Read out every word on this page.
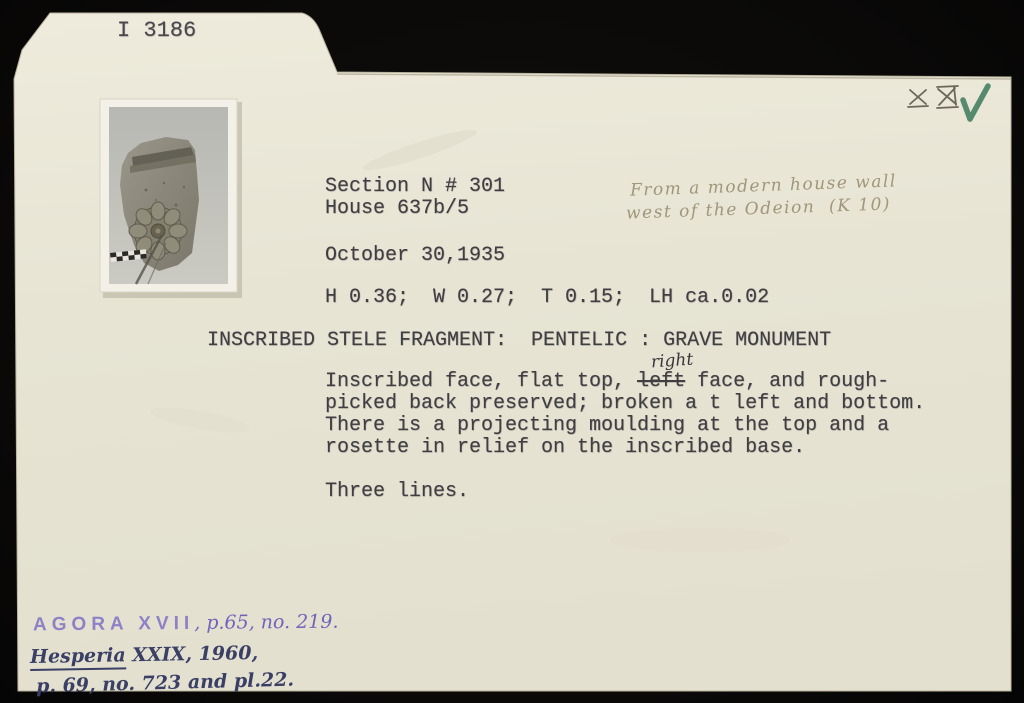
I 3186
Section N # 301
House 637b/5
October 30,1935
H 0.36;  W 0.27;  T 0.15;  LH ca.0.02
INSCRIBED STELE FRAGMENT:  PENTELIC : GRAVE MONUMENT
right
Inscribed face, flat top, left face, and rough-
picked back preserved; broken a t left and bottom.
There is a projecting moulding at the top and a
rosette in relief on the inscribed base.
Three lines.
From a modern house wall
west of the Odeion  (K 10)
AGORA XVII, p.65, no. 219.
Hesperia XXIX, 1960,
p. 69, no. 723 and pl.22.
